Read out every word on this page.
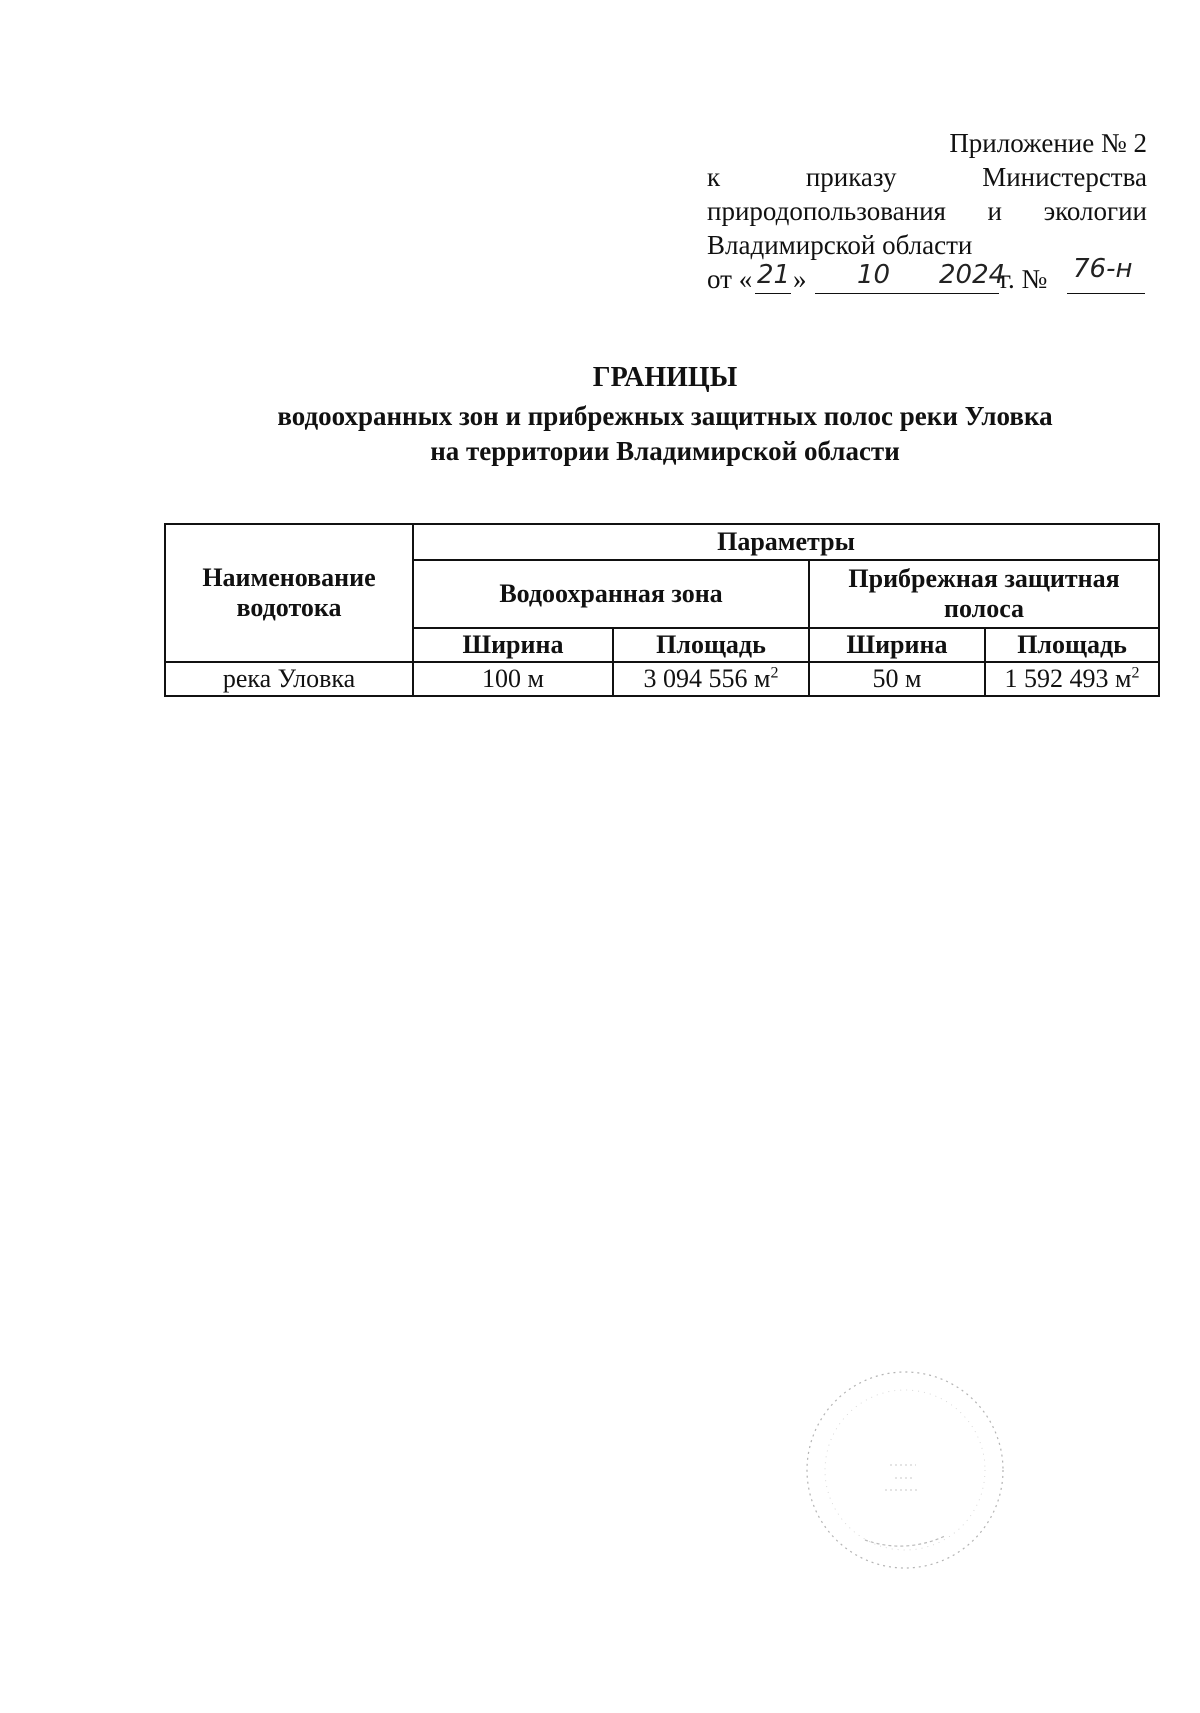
Приложение № 2
к	приказу	Министерства
природопользования и экологии
Владимирской области
от « 21 » 10 2024
г. № 76-н
ГРАНИЦЫ
водоохранных зон и прибрежных защитных полос реки Уловка
на территории Владимирской области
Наименование водотока	Параметры			
	Водоохранная зона		Прибрежная защитная полоса	
	Ширина	Площадь	Ширина	Площадь
река Уловка	100 м	3 094 556 $м^2$	50 м	1 592 493 $м^2$
